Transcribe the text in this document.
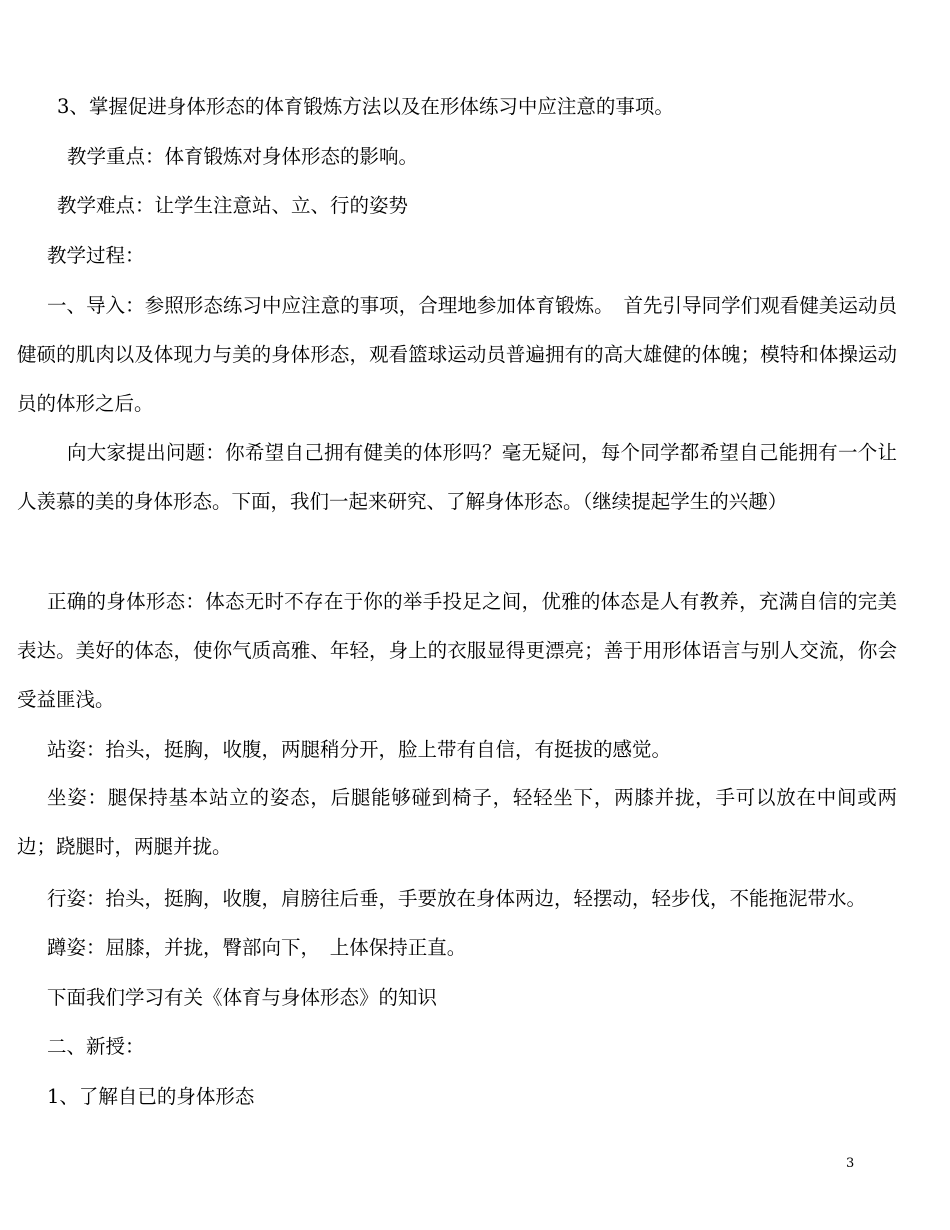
3、掌握促进身体形态的体育锻炼方法以及在形体练习中应注意的事项。

教学重点：体育锻炼对身体形态的影响。

教学难点：让学生注意站、立、行的姿势

教学过程：

一、导入：参照形态练习中应注意的事项，合理地参加体育锻炼。　首先引导同学们观看健美运动员健硕的肌肉以及体现力与美的身体形态，观看篮球运动员普遍拥有的高大雄健的体魄；模特和体操运动员的体形之后。

向大家提出问题：你希望自己拥有健美的体形吗？毫无疑问，每个同学都希望自己能拥有一个让人羡慕的美的身体形态。下面，我们一起来研究、了解身体形态。（继续提起学生的兴趣）

正确的身体形态：体态无时不存在于你的举手投足之间，优雅的体态是人有教养，充满自信的完美表达。美好的体态，使你气质高雅、年轻，身上的衣服显得更漂亮；善于用形体语言与别人交流，你会受益匪浅。

站姿：抬头，挺胸，收腹，两腿稍分开，脸上带有自信，有挺拔的感觉。

坐姿：腿保持基本站立的姿态，后腿能够碰到椅子，轻轻坐下，两膝并拢，手可以放在中间或两边；跷腿时，两腿并拢。

行姿：抬头，挺胸，收腹，肩膀往后垂，手要放在身体两边，轻摆动，轻步伐，不能拖泥带水。

蹲姿：屈膝，并拢，臀部向下，　上体保持正直。

下面我们学习有关《体育与身体形态》的知识

二、新授：

1、了解自已的身体形态

3
